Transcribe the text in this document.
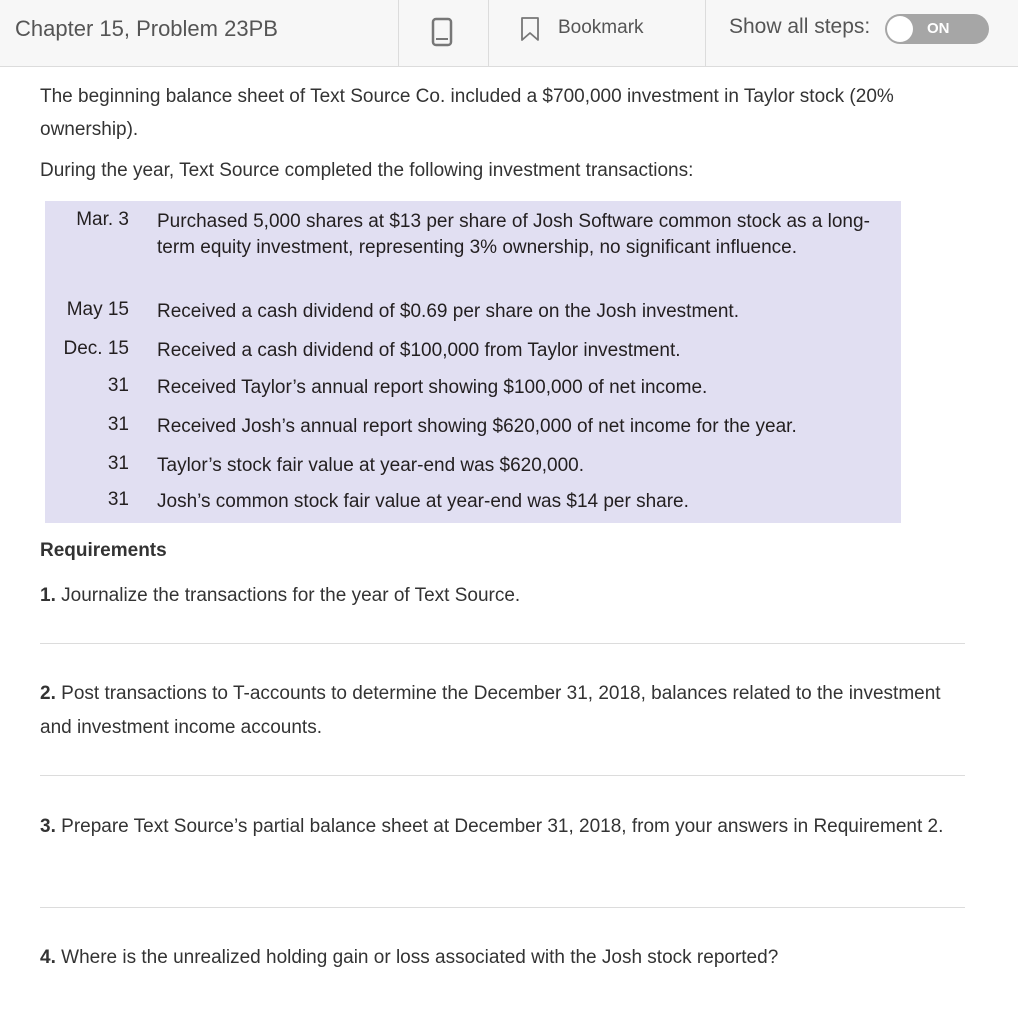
Chapter 15, Problem 23PB	Bookmark	Show all steps:	ON

The beginning balance sheet of Text Source Co. included a $700,000 investment in Taylor stock (20% ownership).

During the year, Text Source completed the following investment transactions:

Mar. 3 Purchased 5,000 shares at $13 per share of Josh Software common stock as a long-term equity investment, representing 3% ownership, no significant influence.
May 15 Received a cash dividend of $0.69 per share on the Josh investment.
Dec. 15 Received a cash dividend of $100,000 from Taylor investment.
31 Received Taylor’s annual report showing $100,000 of net income.
31 Received Josh’s annual report showing $620,000 of net income for the year.
31 Taylor’s stock fair value at year-end was $620,000.
31 Josh’s common stock fair value at year-end was $14 per share.
Requirements
1. Journalize the transactions for the year of Text Source.
2. Post transactions to T-accounts to determine the December 31, 2018, balances related to the investment and investment income accounts.
3. Prepare Text Source’s partial balance sheet at December 31, 2018, from your answers in Requirement 2.
4. Where is the unrealized holding gain or loss associated with the Josh stock reported?
